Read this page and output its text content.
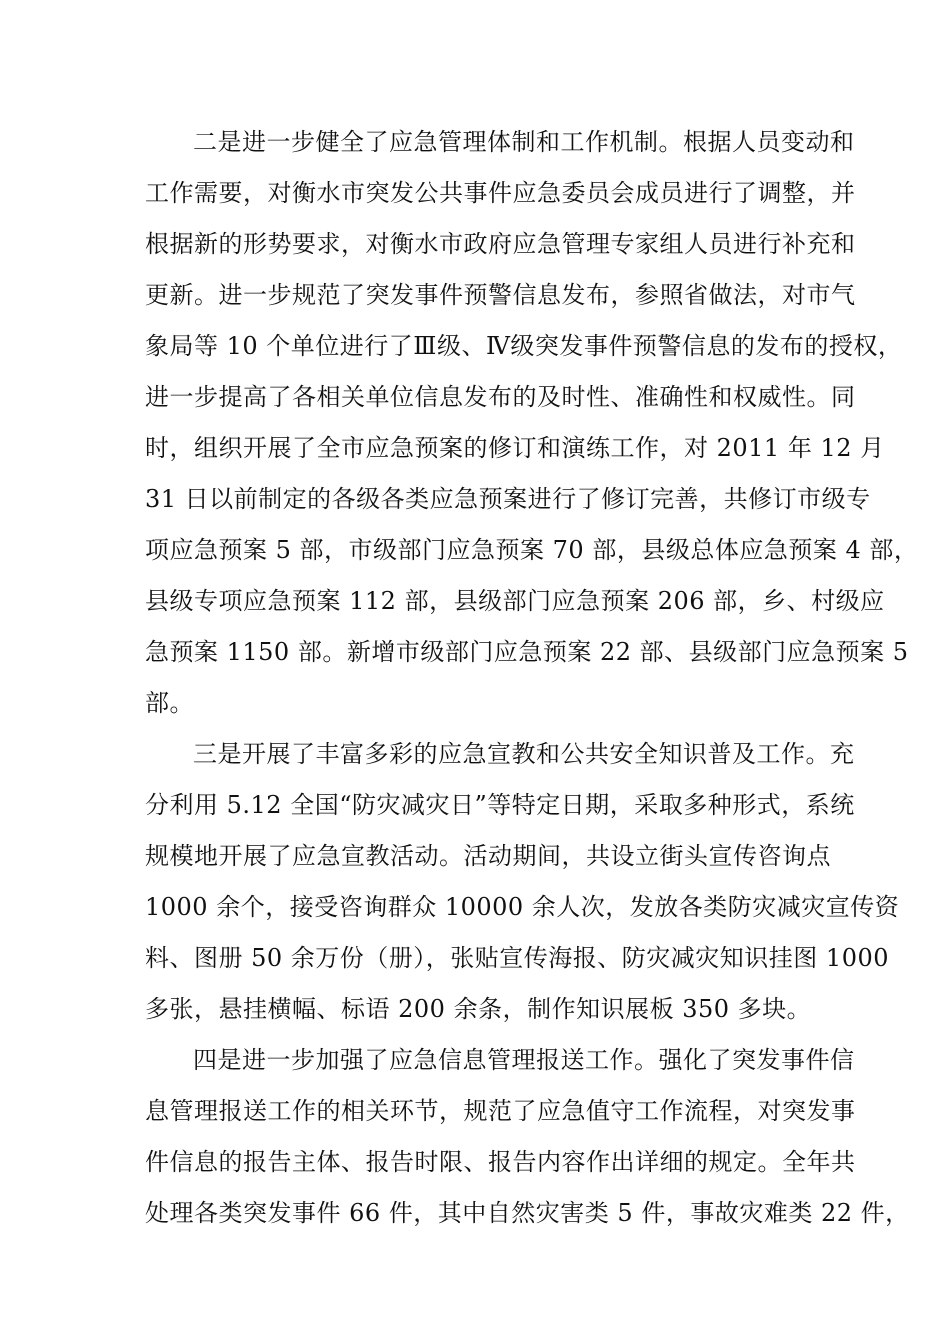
二是进一步健全了应急管理体制和工作机制。根据人员变动和
工作需要，对衡水市突发公共事件应急委员会成员进行了调整，并
根据新的形势要求，对衡水市政府应急管理专家组人员进行补充和
更新。进一步规范了突发事件预警信息发布，参照省做法，对市气
象局等 10 个单位进行了Ⅲ级、Ⅳ级突发事件预警信息的发布的授权，
进一步提高了各相关单位信息发布的及时性、准确性和权威性。同
时，组织开展了全市应急预案的修订和演练工作，对 2011 年 12 月
31 日以前制定的各级各类应急预案进行了修订完善，共修订市级专
项应急预案 5 部，市级部门应急预案 70 部，县级总体应急预案 4 部，
县级专项应急预案 112 部，县级部门应急预案 206 部，乡、村级应
急预案 1150 部。新增市级部门应急预案 22 部、县级部门应急预案 5
部。
三是开展了丰富多彩的应急宣教和公共安全知识普及工作。充
分利用 5.12 全国“防灾减灾日”等特定日期，采取多种形式，系统
规模地开展了应急宣教活动。活动期间，共设立街头宣传咨询点
1000 余个，接受咨询群众 10000 余人次，发放各类防灾减灾宣传资
料、图册 50 余万份（册），张贴宣传海报、防灾减灾知识挂图 1000
多张，悬挂横幅、标语 200 余条，制作知识展板 350 多块。
四是进一步加强了应急信息管理报送工作。强化了突发事件信
息管理报送工作的相关环节，规范了应急值守工作流程，对突发事
件信息的报告主体、报告时限、报告内容作出详细的规定。全年共
处理各类突发事件 66 件，其中自然灾害类 5 件，事故灾难类 22 件，
